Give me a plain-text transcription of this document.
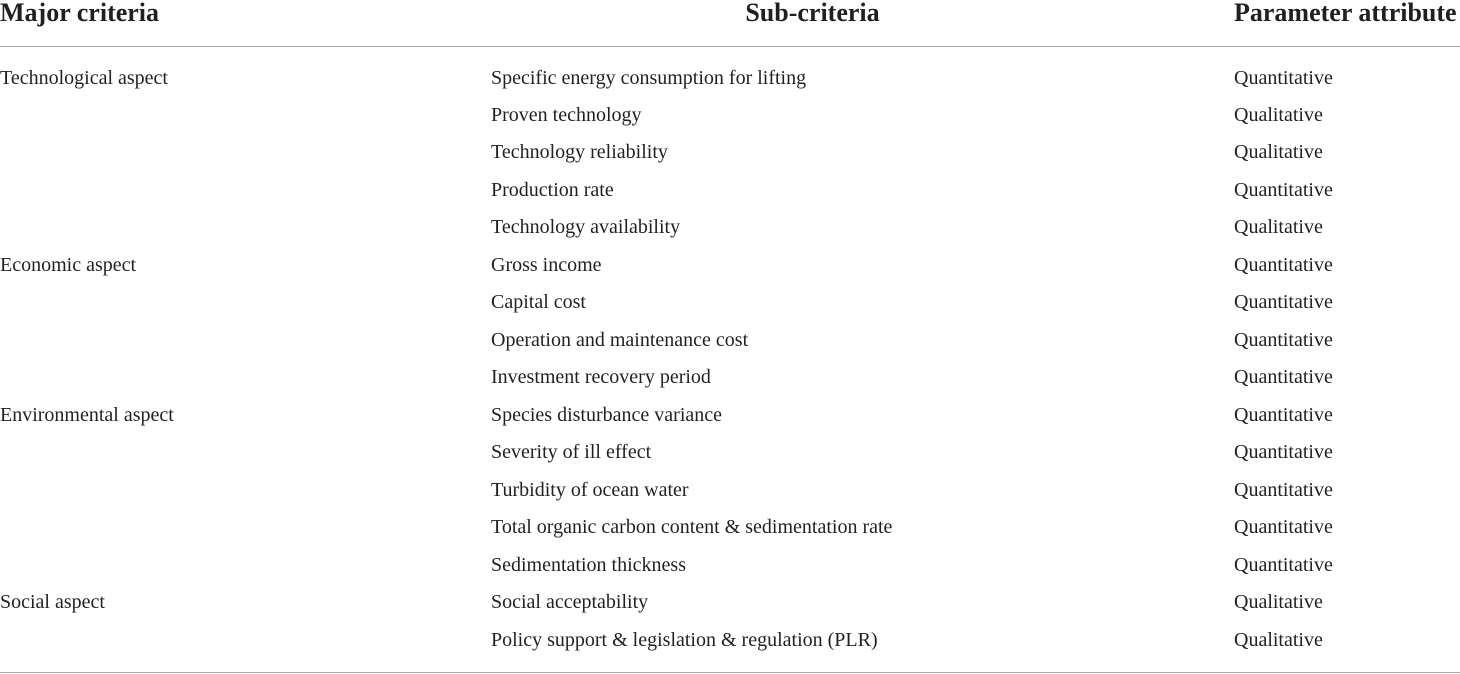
Major criteria	Sub-criteria	Parameter attribute
Technological aspect	Specific energy consumption for lifting	Quantitative
	Proven technology	Qualitative
	Technology reliability	Qualitative
	Production rate	Quantitative
	Technology availability	Qualitative
Economic aspect	Gross income	Quantitative
	Capital cost	Quantitative
	Operation and maintenance cost	Quantitative
	Investment recovery period	Quantitative
Environmental aspect	Species disturbance variance	Quantitative
	Severity of ill effect	Quantitative
	Turbidity of ocean water	Quantitative
	Total organic carbon content & sedimentation rate	Quantitative
	Sedimentation thickness	Quantitative
Social aspect	Social acceptability	Qualitative
	Policy support & legislation & regulation (PLR)	Qualitative
